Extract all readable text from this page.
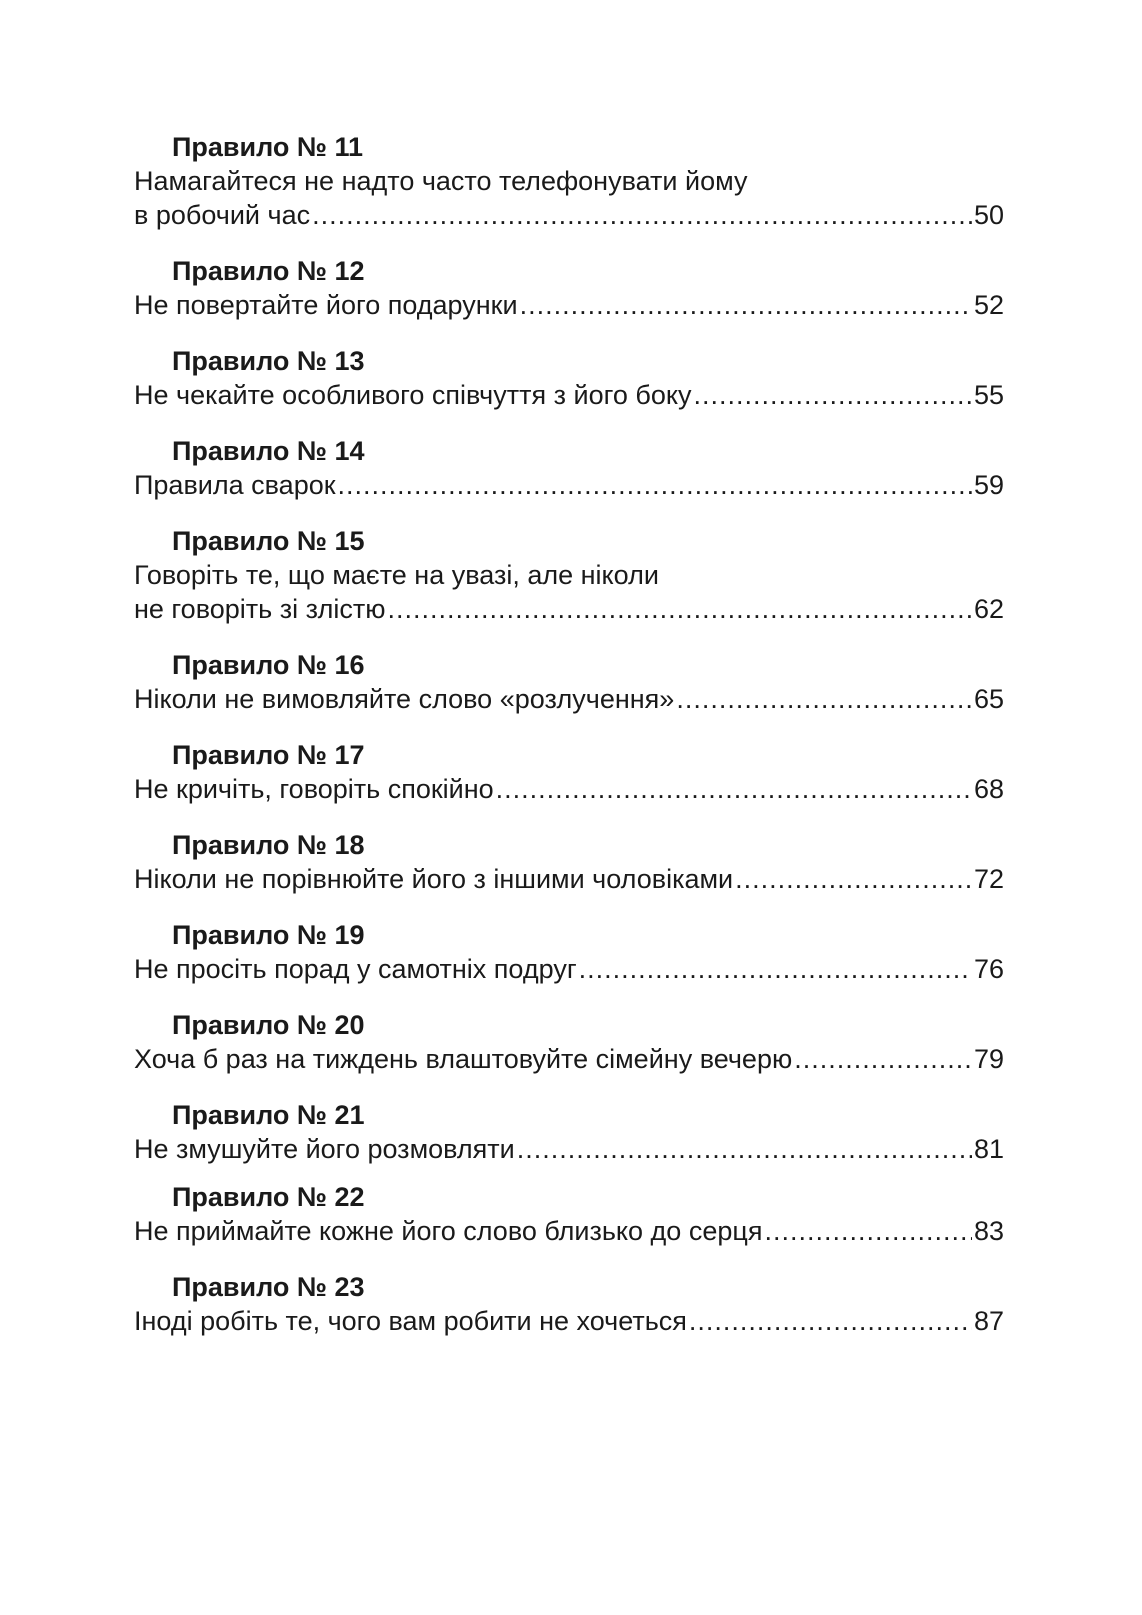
Правило № 11
Намагайтеся не надто часто телефонувати йому
в робочий час .....	50
Правило № 12
Не повертайте його подарунки .....	52
Правило № 13
Не чекайте особливого співчуття з його боку .....	55
Правило № 14
Правила сварок .....	59
Правило № 15
Говоріть те, що маєте на увазі, але ніколи
не говоріть зі злістю .....	62
Правило № 16
Ніколи не вимовляйте слово «розлучення» .....	65
Правило № 17
Не кричіть, говоріть спокійно .....	68
Правило № 18
Ніколи не порівнюйте його з іншими чоловіками .....	72
Правило № 19
Не просіть порад у самотніх подруг .....	76
Правило № 20
Хоча б раз на тиждень влаштовуйте сімейну вечерю .....	79
Правило № 21
Не змушуйте його розмовляти .....	81
Правило № 22
Не приймайте кожне його слово близько до серця .....	83
Правило № 23
Іноді робіть те, чого вам робити не хочеться .....	87
